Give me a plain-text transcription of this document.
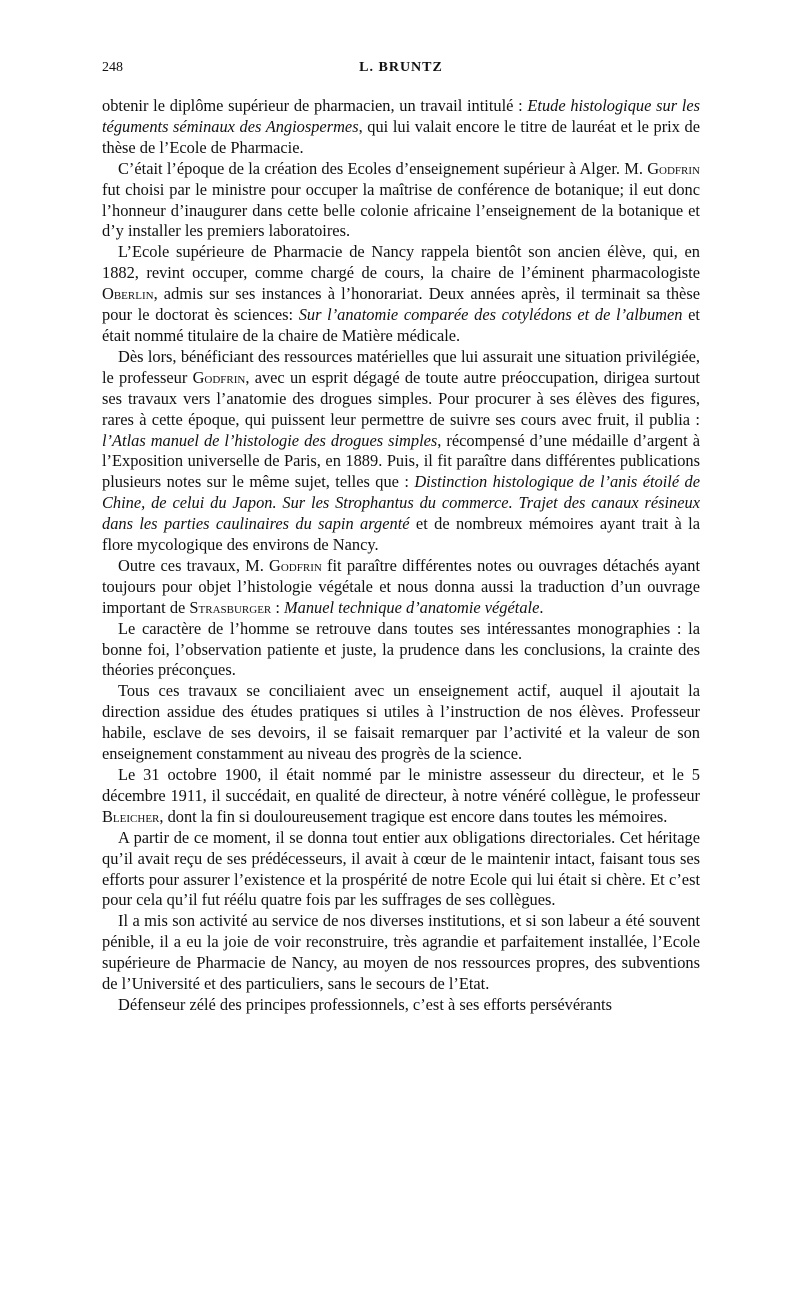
248	L. BRUNTZ

obtenir le diplôme supérieur de pharmacien, un travail intitulé : Etude histologique sur les téguments séminaux des Angiospermes, qui lui valait encore le titre de lauréat et le prix de thèse de l’Ecole de Pharmacie.

C’était l’époque de la création des Ecoles d’enseignement supérieur à Alger. M. Godfrin fut choisi par le ministre pour occuper la maîtrise de conférence de botanique; il eut donc l’honneur d’inaugurer dans cette belle colonie africaine l’enseignement de la botanique et d’y installer les premiers laboratoires.

L’Ecole supérieure de Pharmacie de Nancy rappela bientôt son ancien élève, qui, en 1882, revint occuper, comme chargé de cours, la chaire de l’éminent pharmacologiste Oberlin, admis sur ses instances à l’honorariat. Deux années après, il terminait sa thèse pour le doctorat ès sciences: Sur l’anatomie comparée des cotylédons et de l’albumen et était nommé titulaire de la chaire de Matière médicale.

Dès lors, bénéficiant des ressources matérielles que lui assurait une situation privilégiée, le professeur Godfrin, avec un esprit dégagé de toute autre préoccupation, dirigea surtout ses travaux vers l’anatomie des drogues simples. Pour procurer à ses élèves des figures, rares à cette époque, qui puissent leur permettre de suivre ses cours avec fruit, il publia : l’Atlas manuel de l’histologie des drogues simples, récompensé d’une médaille d’argent à l’Exposition universelle de Paris, en 1889. Puis, il fit paraître dans différentes publications plusieurs notes sur le même sujet, telles que : Distinction histologique de l’anis étoilé de Chine, de celui du Japon. Sur les Strophantus du commerce. Trajet des canaux résineux dans les parties caulinaires du sapin argenté et de nombreux mémoires ayant trait à la flore mycologique des environs de Nancy.

Outre ces travaux, M. Godfrin fit paraître différentes notes ou ouvrages détachés ayant toujours pour objet l’histologie végétale et nous donna aussi la traduction d’un ouvrage important de Strasburger : Manuel technique d’anatomie végétale.

Le caractère de l’homme se retrouve dans toutes ses intéressantes monographies : la bonne foi, l’observation patiente et juste, la prudence dans les conclusions, la crainte des théories préconçues.

Tous ces travaux se conciliaient avec un enseignement actif, auquel il ajoutait la direction assidue des études pratiques si utiles à l’instruction de nos élèves. Professeur habile, esclave de ses devoirs, il se faisait remarquer par l’activité et la valeur de son enseignement constamment au niveau des progrès de la science.

Le 31 octobre 1900, il était nommé par le ministre assesseur du directeur, et le 5 décembre 1911, il succédait, en qualité de directeur, à notre vénéré collègue, le professeur Bleicher, dont la fin si douloureusement tragique est encore dans toutes les mémoires.

A partir de ce moment, il se donna tout entier aux obligations directoriales. Cet héritage qu’il avait reçu de ses prédécesseurs, il avait à cœur de le maintenir intact, faisant tous ses efforts pour assurer l’existence et la prospérité de notre Ecole qui lui était si chère. Et c’est pour cela qu’il fut réélu quatre fois par les suffrages de ses collègues.

Il a mis son activité au service de nos diverses institutions, et si son labeur a été souvent pénible, il a eu la joie de voir reconstruire, très agrandie et parfaitement installée, l’Ecole supérieure de Pharmacie de Nancy, au moyen de nos ressources propres, des subventions de l’Université et des particuliers, sans le secours de l’Etat.

Défenseur zélé des principes professionnels, c’est à ses efforts persévérants
